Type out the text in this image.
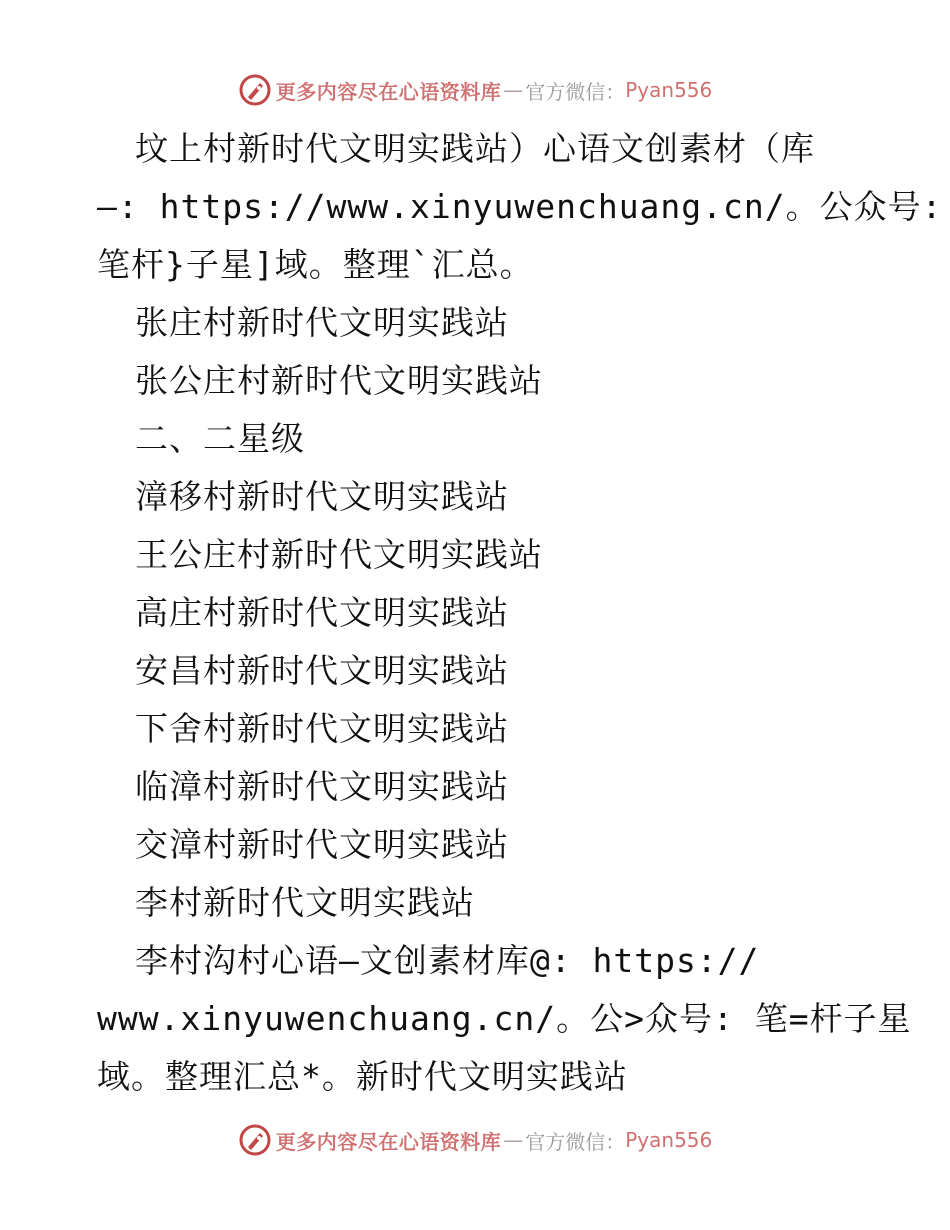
更多内容尽在心语资料库 — 官方微信： Pyan556
坟上村新时代文明实践站）心语文创素材（库
—: https://www.xinyuwenchuang.cn/。公众号:
笔杆}子星]域。整理`汇总。
张庄村新时代文明实践站
张公庄村新时代文明实践站
二、二星级
漳移村新时代文明实践站
王公庄村新时代文明实践站
高庄村新时代文明实践站
安昌村新时代文明实践站
下舍村新时代文明实践站
临漳村新时代文明实践站
交漳村新时代文明实践站
李村新时代文明实践站
李村沟村心语—文创素材库@: https://
www.xinyuwenchuang.cn/。公>众号: 笔=杆子星
域。整理汇总*。新时代文明实践站
更多内容尽在心语资料库 — 官方微信： Pyan556
